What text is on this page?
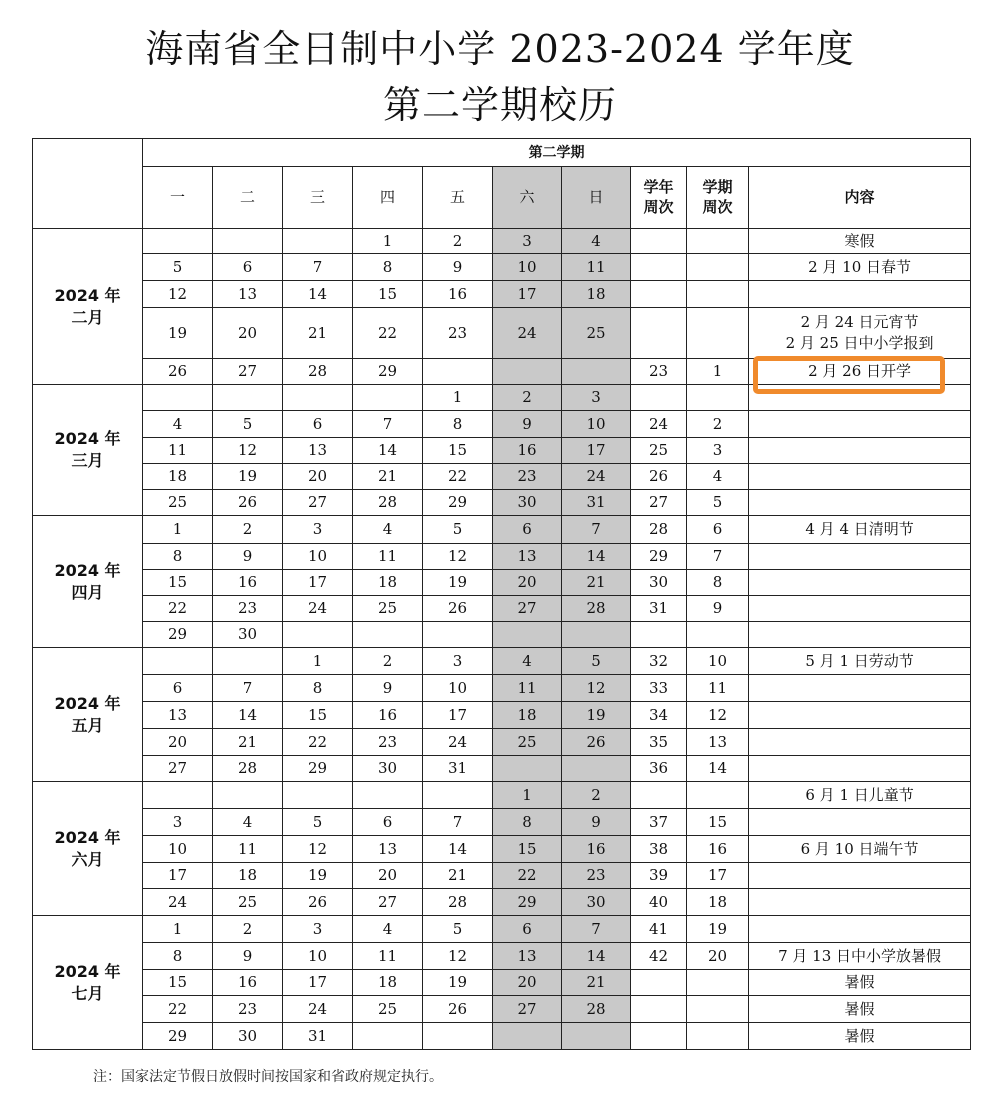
海南省全日制中小学 2023-2024 学年度
第二学期校历
	第二学期									
	一	二	三	四	五	六	日	学年周次	学期周次	内容

2024 年
二月				1	2	3	4			寒假
	5	6	7	8	9	10	11			2 月 10 日春节
	12	13	14	15	16	17	18			
	19	20	21	22	23	24	25			2 月 24 日元宵节
2 月 25 日中小学报到

	26	27	28	29				23	1	2 月 26 日开学

2024 年
三月					1	2	3			
	4	5	6	7	8	9	10	24	2	
	11	12	13	14	15	16	17	25	3	
	18	19	20	21	22	23	24	26	4	
	25	26	27	28	29	30	31	27	5	

2024 年
四月	1	2	3	4	5	6	7	28	6	4 月 4 日清明节
	8	9	10	11	12	13	14	29	7	
	15	16	17	18	19	20	21	30	8	
	22	23	24	25	26	27	28	31	9	
	29	30								

2024 年
五月			1	2	3	4	5	32	10	5 月 1 日劳动节
	6	7	8	9	10	11	12	33	11	
	13	14	15	16	17	18	19	34	12	
	20	21	22	23	24	25	26	35	13	
	27	28	29	30	31			36	14	

2024 年
六月						1	2			6 月 1 日儿童节
	3	4	5	6	7	8	9	37	15	
	10	11	12	13	14	15	16	38	16	6 月 10 日端午节
	17	18	19	20	21	22	23	39	17	
	24	25	26	27	28	29	30	40	18	

2024 年
七月	1	2	3	4	5	6	7	41	19	
	8	9	10	11	12	13	14	42	20	7 月 13 日中小学放暑假
	15	16	17	18	19	20	21			暑假
	22	23	24	25	26	27	28			暑假
	29	30	31							暑假
注：国家法定节假日放假时间按国家和省政府规定执行。
